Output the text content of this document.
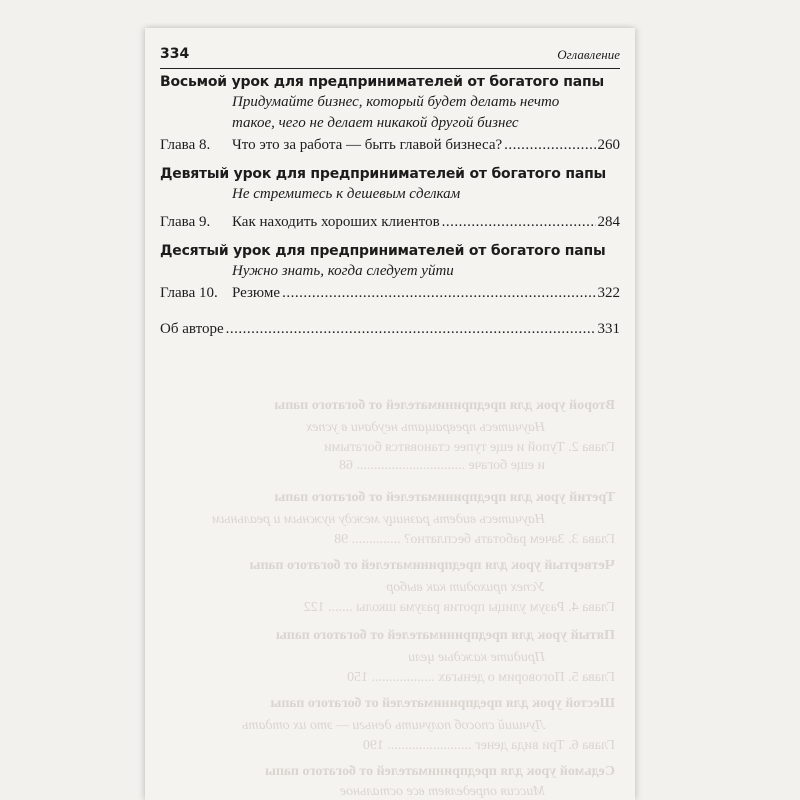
Второй урок для предпринимателей от богатого папы
Научитесь превращать неудачи в успех
Глава 2. Тупой и еще тупее становятся богатыми
и еще богаче ............................... 68
Третий урок для предпринимателей от богатого папы
Научитесь видеть разницу между нужным и реальным
Глава 3. Зачем работать бесплатно? .............. 98
Четвертый урок для предпринимателей от богатого папы
Успех приходит как выбор
Глава 4. Разум улицы против разума школы ....... 122
Пятый урок для предпринимателей от богатого папы
Придите каждые цели
Глава 5. Поговорим о деньгах .................. 150
Шестой урок для предпринимателей от богатого папы
Лучший способ получить деньги — это их отдать
Глава 6. Три вида денег ........................ 190
Седьмой урок для предпринимателей от богатого папы
Миссия определяет все остальное
334	Оглавление
Восьмой урок для предпринимателей от богатого папы
Придумайте бизнес, который будет делать нечто
такое, чего не делает никакой другой бизнес
Глава 8.	Что это за работа — быть главой бизнеса? .....	260
Девятый урок для предпринимателей от богатого папы
Не стремитесь к дешевым сделкам
Глава 9.	Как находить хороших клиентов .....	284
Десятый урок для предпринимателей от богатого папы
Нужно знать, когда следует уйти
Глава 10. Резюме .....	322
Об авторе .....	331
